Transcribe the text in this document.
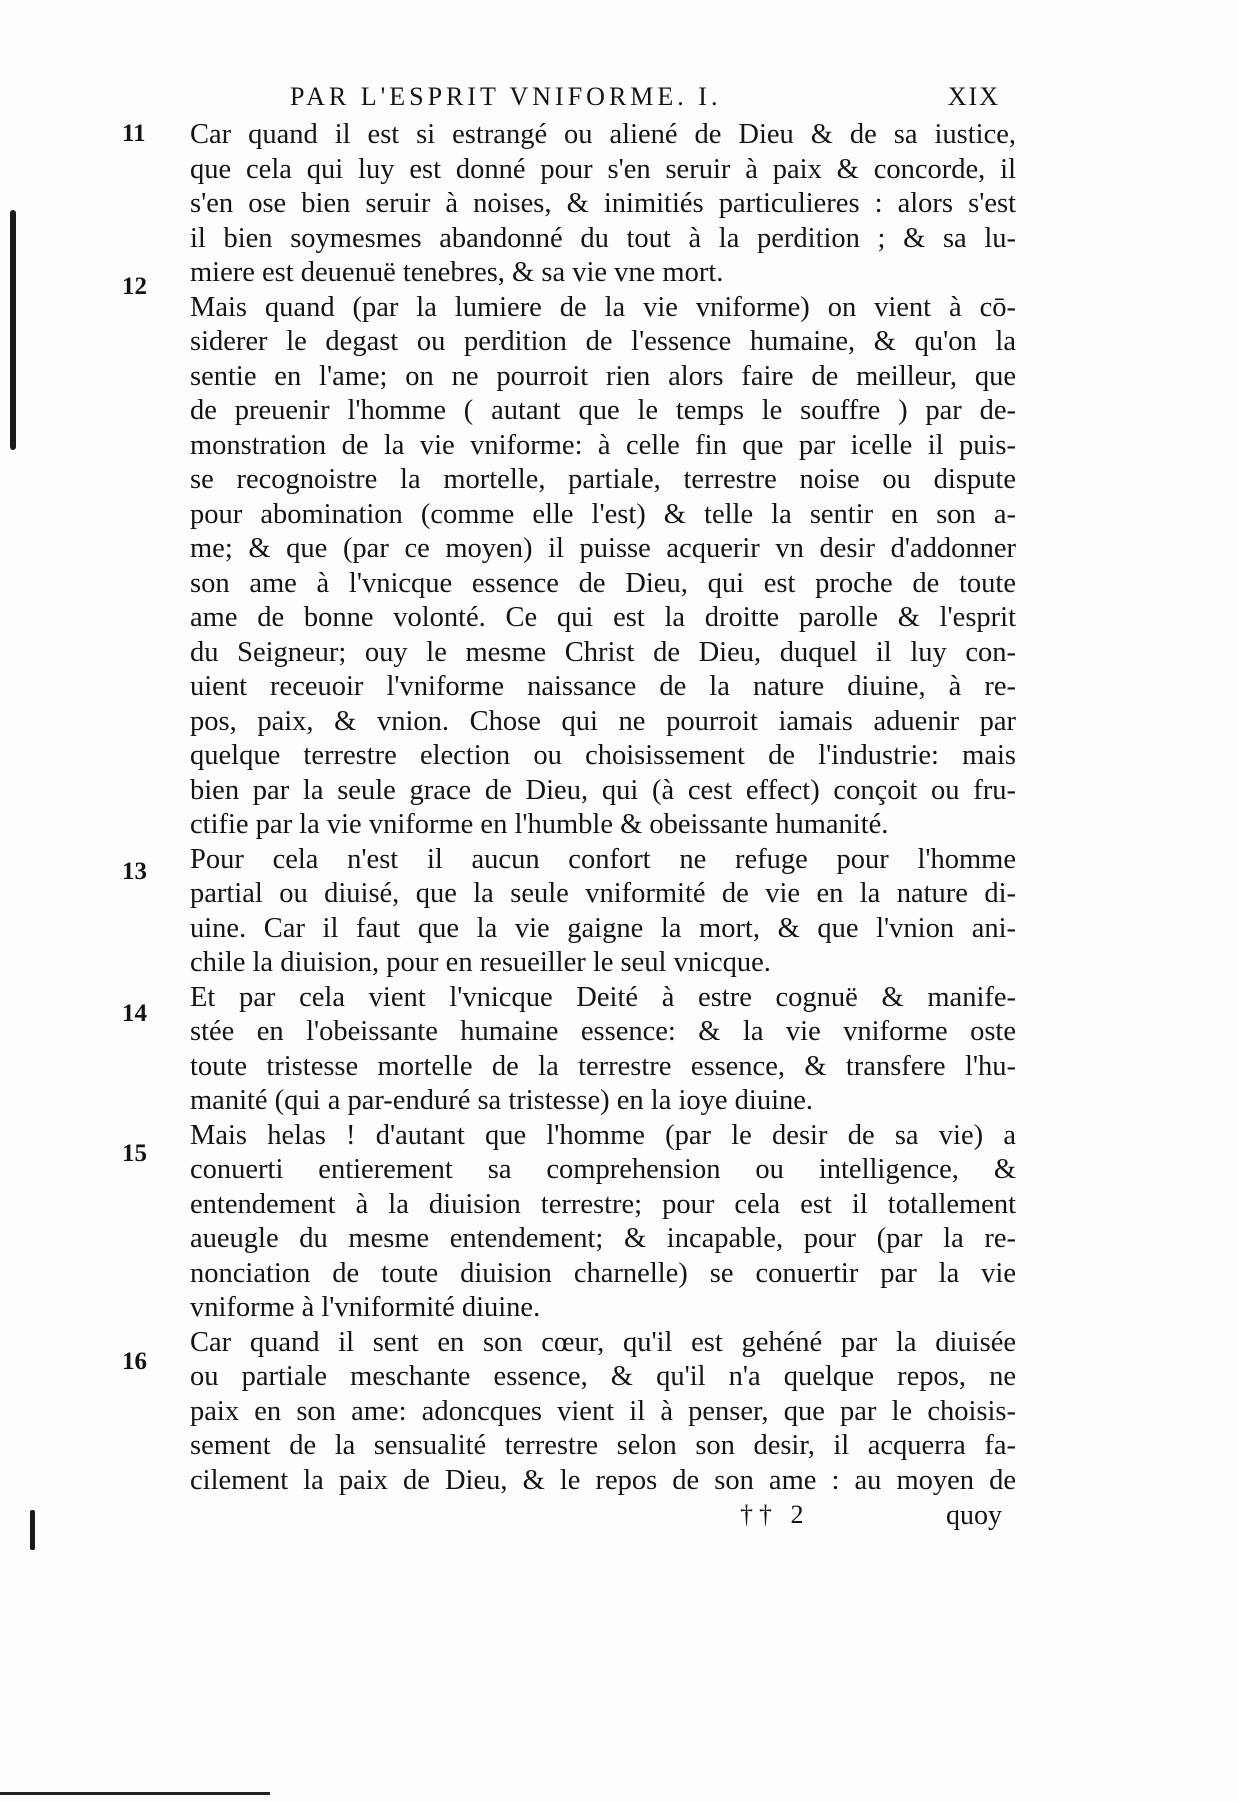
PAR L'ESPRIT VNIFORME. I.	XIX
11
12
13
14
15
16
Car quand il est si estrangé ou aliené de Dieu & de sa iustice,
que cela qui luy est donné pour s'en seruir à paix & concorde, il
s'en ose bien seruir à noises, & inimitiés particulieres : alors s'est
il bien soymesmes abandonné du tout à la perdition ; & sa lu-
miere est deuenuë tenebres, & sa vie vne mort.
Mais quand (par la lumiere de la vie vniforme) on vient à cō-
siderer le degast ou perdition de l'essence humaine, & qu'on la
sentie en l'ame; on ne pourroit rien alors faire de meilleur, que
de preuenir l'homme ( autant que le temps le souffre ) par de-
monstration de la vie vniforme: à celle fin que par icelle il puis-
se recognoistre la mortelle, partiale, terrestre noise ou dispute
pour abomination (comme elle l'est) & telle la sentir en son a-
me; & que (par ce moyen) il puisse acquerir vn desir d'addonner
son ame à l'vnicque essence de Dieu, qui est proche de toute
ame de bonne volonté. Ce qui est la droitte parolle & l'esprit
du Seigneur; ouy le mesme Christ de Dieu, duquel il luy con-
uient receuoir l'vniforme naissance de la nature diuine, à re-
pos, paix, & vnion. Chose qui ne pourroit iamais aduenir par
quelque terrestre election ou choisissement de l'industrie: mais
bien par la seule grace de Dieu, qui (à cest effect) conçoit ou fru-
ctifie par la vie vniforme en l'humble & obeissante humanité.
Pour cela n'est il aucun confort ne refuge pour l'homme
partial ou diuisé, que la seule vniformité de vie en la nature di-
uine. Car il faut que la vie gaigne la mort, & que l'vnion ani-
chile la diuision, pour en resueiller le seul vnicque.
Et par cela vient l'vnicque Deité à estre cognuë & manife-
stée en l'obeissante humaine essence: & la vie vniforme oste
toute tristesse mortelle de la terrestre essence, & transfere l'hu-
manité (qui a par-enduré sa tristesse) en la ioye diuine.
Mais helas ! d'autant que l'homme (par le desir de sa vie) a
conuerti entierement sa comprehension ou intelligence, &
entendement à la diuision terrestre; pour cela est il totallement
aueugle du mesme entendement; & incapable, pour (par la re-
nonciation de toute diuision charnelle) se conuertir par la vie
vniforme à l'vniformité diuine.
Car quand il sent en son cœur, qu'il est gehéné par la diuisée
ou partiale meschante essence, & qu'il n'a quelque repos, ne
paix en son ame: adoncques vient il à penser, que par le choisis-
sement de la sensualité terrestre selon son desir, il acquerra fa-
cilement la paix de Dieu, & le repos de son ame : au moyen de
†† 2	quoy
